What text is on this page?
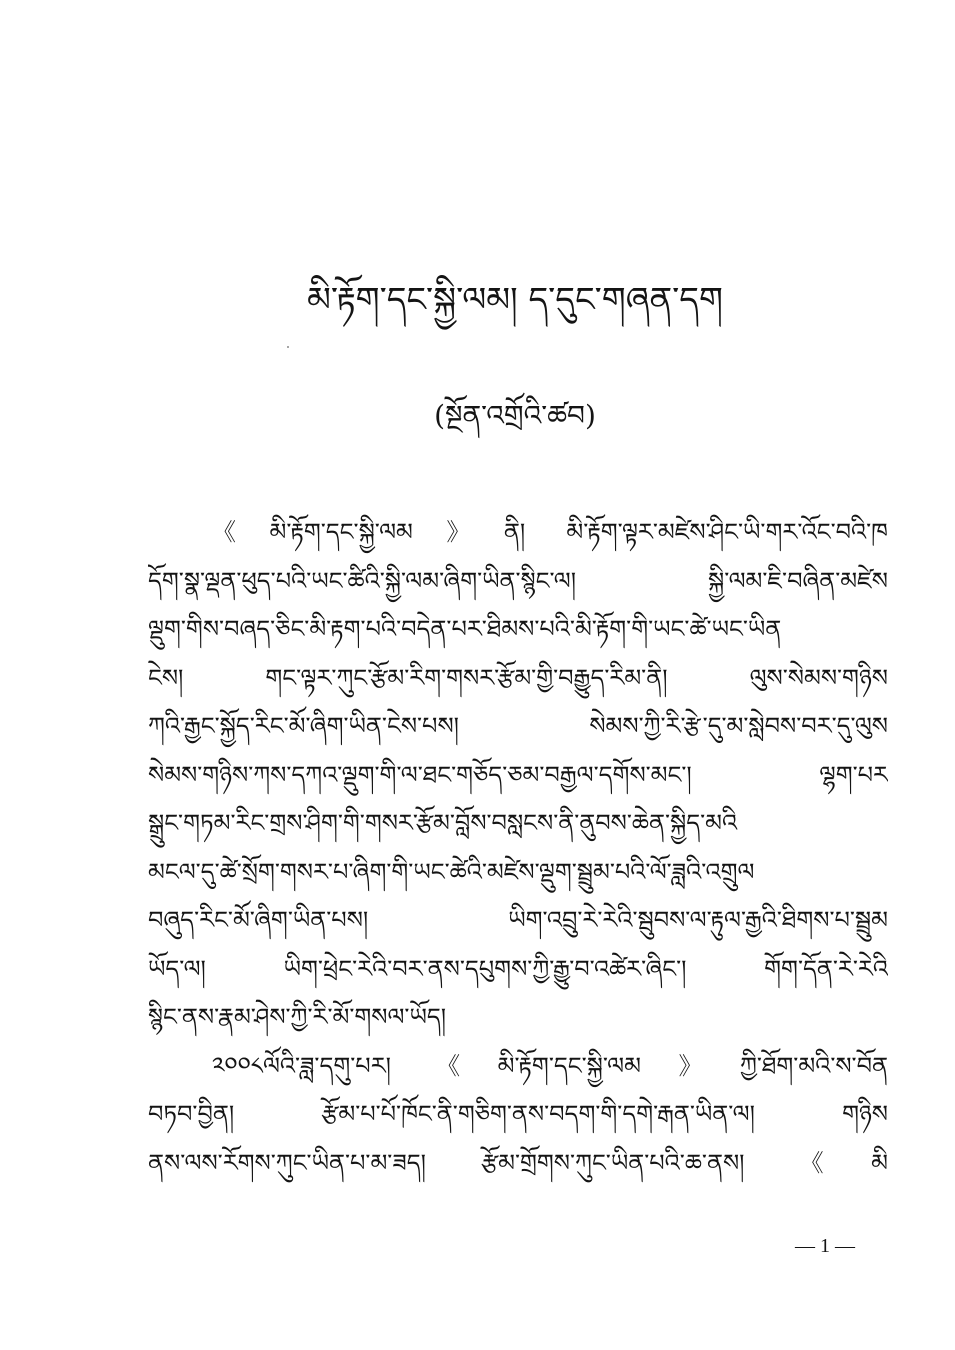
མི་རྟོག་དང་སྐྱི་ལམ། ད་དུང་གཞན་དག
(སྔོན་འགྲོའི་ཚབ)
《མི་རྟོག་དང་སྐྱི་ལམ》ནི། མི་རྟོག་ལྟར་མཛེས་ཤིང་ཡི་གར་འོང་བའི་ཁ
དོག་སྣ་ལྡན་ཕུད་པའི་ཡང་ཚིའི་སྐྱི་ལམ་ཞིག་ཡིན་སྙིང་ལ། སྐྱི་ལམ་ཇི་བཞིན་མཛེས
ལྡུག་གིས་བཞད་ཅིང་མི་རྟག་པའི་བདེན་པར་ཐིམས་པའི་མི་རྟོག་གི་ཡང་ཚེ་ཡང་ཡིན
ངེས། གང་ལྟར་ཀུང་རྩོམ་རིག་གསར་རྩོམ་གྱི་བརྒྱུད་རིམ་ནི། ལུས་སེམས་གཉིས
ཀའི་རྒྱང་སྐྱོད་རིང་མོ་ཞིག་ཡིན་ངེས་པས། སེམས་ཀྱི་རི་རྩེ་དུ་མ་སླེབས་བར་དུ་ལུས
སེམས་གཉིས་ཀས་དཀའ་ལྡུག་གི་ལ་ཐང་གཅོད་ཅམ་བརྒྱལ་དགོས་མང་། ལྷག་པར
སྒྲུང་གཏམ་རིང་གྲས་ཤིག་གི་གསར་རྩོམ་བློས་བསླངས་ནི་ནུབས་ཆེན་སྐྱིད་མའི
མངལ་དུ་ཚེ་སྲོག་གསར་པ་ཞིག་གི་ཡང་ཚེའི་མཛེས་ལྡུག་སྦྲུམ་པའི་ལོ་ཟླའི་འགྲུལ
བཞུད་རིང་མོ་ཞིག་ཡིན་པས། ཡིག་འབྲུ་རེ་རེའི་སྦུབས་ལ་རྟུལ་རྒྱའི་ཐིགས་པ་སྦྲུམ
ཡོད་ལ། ཡིག་ཕྲེང་རེའི་བར་ནས་དཔུགས་ཀྱི་རྒྱུ་བ་འཚེར་ཞིང་། གོག་དོན་རེ་རེའི
སྙིང་ནས་རྣམ་ཤེས་ཀྱི་རི་མོ་གསལ་ཡོད།
༢༠༠༨ལོའི་ཟླ་དགུ་པར། 《མི་རྟོག་དང་སྐྱི་ལམ》ཀྱི་ཐོག་མའི་ས་བོན
བཏབ་བྱིན། རྩོམ་པ་པོ་ཁོང་ནི་གཅིག་ནས་བདག་གི་དགེ་རྒན་ཡིན་ལ། གཉིས
ནས་ལས་རོགས་ཀུང་ཡིན་པ་མ་ཟད། རྩོམ་གྲོགས་ཀུང་ཡིན་པའི་ཆ་ནས། 《མི
— 1 —
